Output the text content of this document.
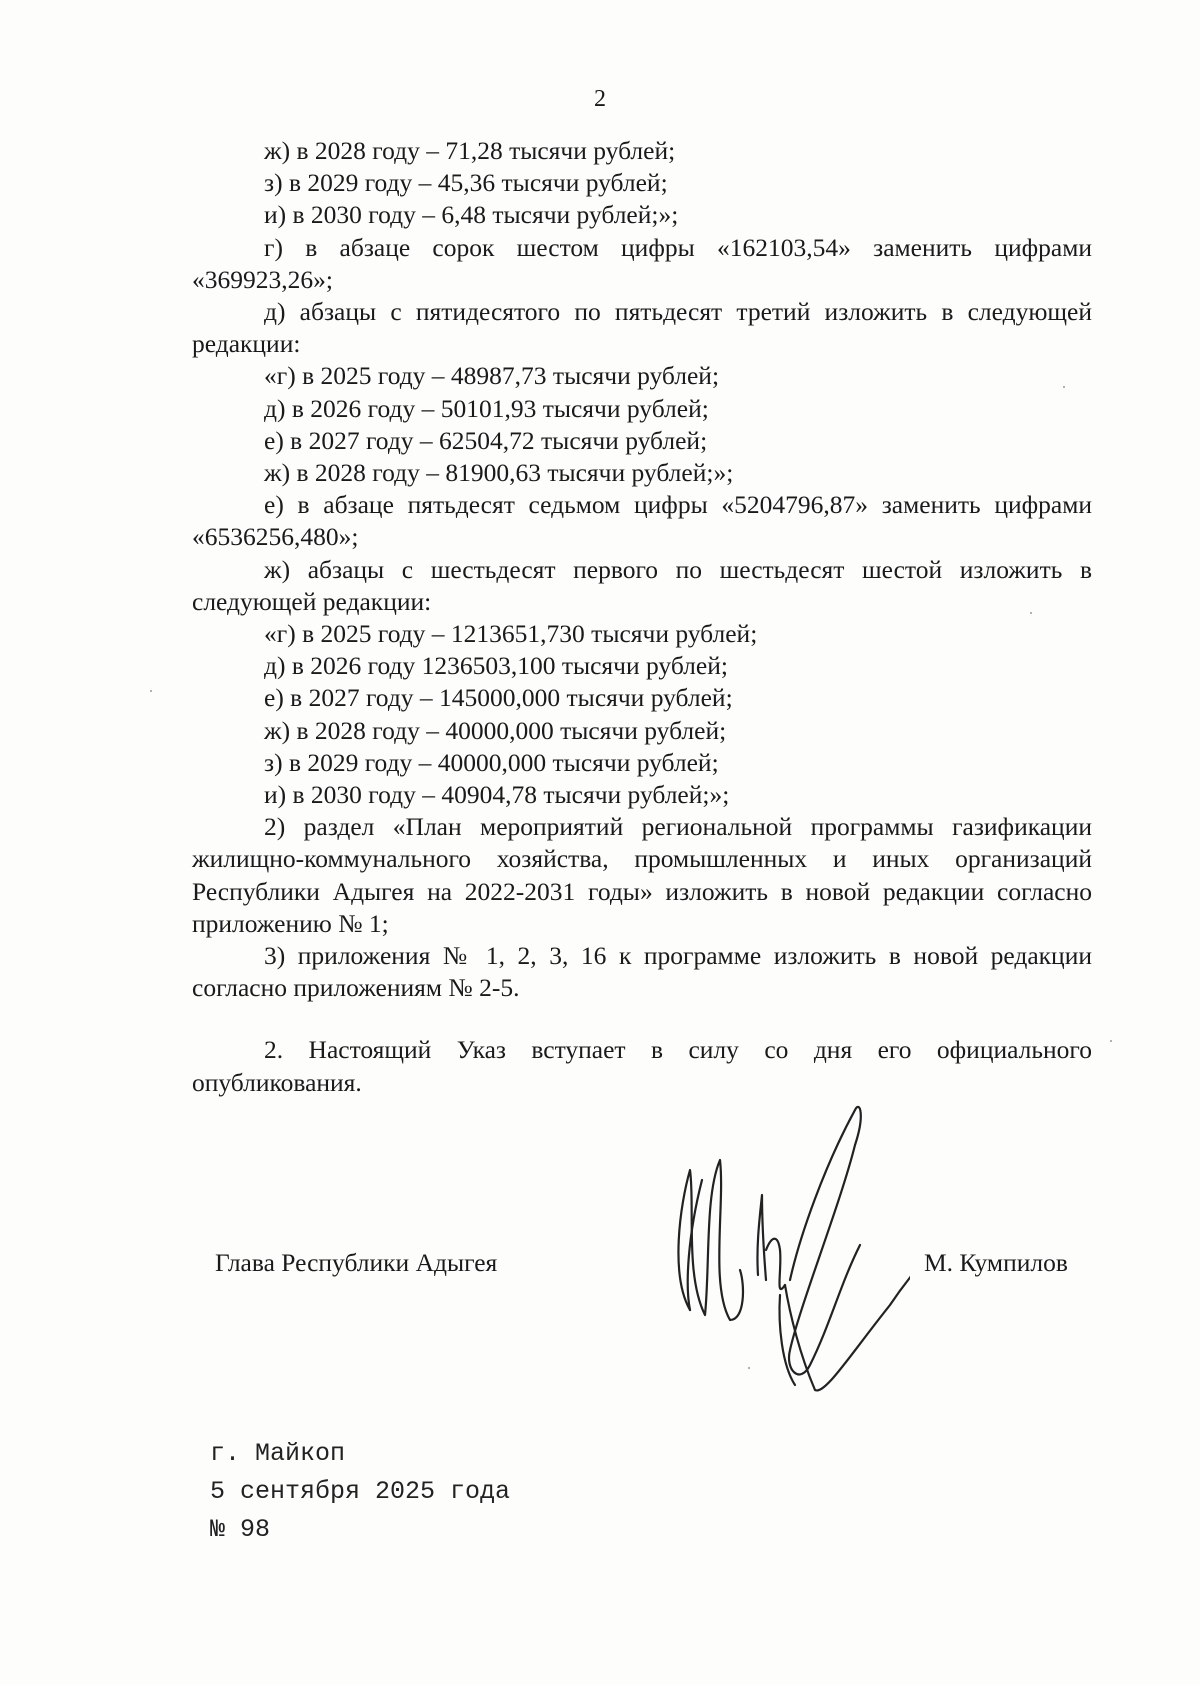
2

ж) в 2028 году – 71,28 тысячи рублей;

з) в 2029 году – 45,36 тысячи рублей;

и) в 2030 году – 6,48 тысячи рублей;»;

г) в абзаце сорок шестом цифры «162103,54» заменить цифрами «369923,26»;

д) абзацы с пятидесятого по пятьдесят третий изложить в следующей редакции:

«г) в 2025 году – 48987,73 тысячи рублей;

д) в 2026 году – 50101,93 тысячи рублей;

е) в 2027 году – 62504,72 тысячи рублей;

ж) в 2028 году – 81900,63 тысячи рублей;»;

е) в абзаце пятьдесят седьмом цифры «5204796,87» заменить цифрами «6536256,480»;

ж) абзацы с шестьдесят первого по шестьдесят шестой изложить в следующей редакции:

«г) в 2025 году – 1213651,730 тысячи рублей;

д) в 2026 году 1236503,100 тысячи рублей;

е) в 2027 году – 145000,000 тысячи рублей;

ж) в 2028 году – 40000,000 тысячи рублей;

з) в 2029 году – 40000,000 тысячи рублей;

и) в 2030 году – 40904,78 тысячи рублей;»;

2) раздел «План мероприятий региональной программы газификации жилищно-коммунального хозяйства, промышленных и иных организаций Республики Адыгея на 2022-2031 годы» изложить в новой редакции согласно приложению № 1;

3) приложения № 1, 2, 3, 16 к программе изложить в новой редакции согласно приложениям № 2-5.

2. Настоящий Указ вступает в силу со дня его официального опубликования.

Глава Республики Адыгея	М. Кумпилов
г. Майкоп
5 сентября 2025 года
№ 98
